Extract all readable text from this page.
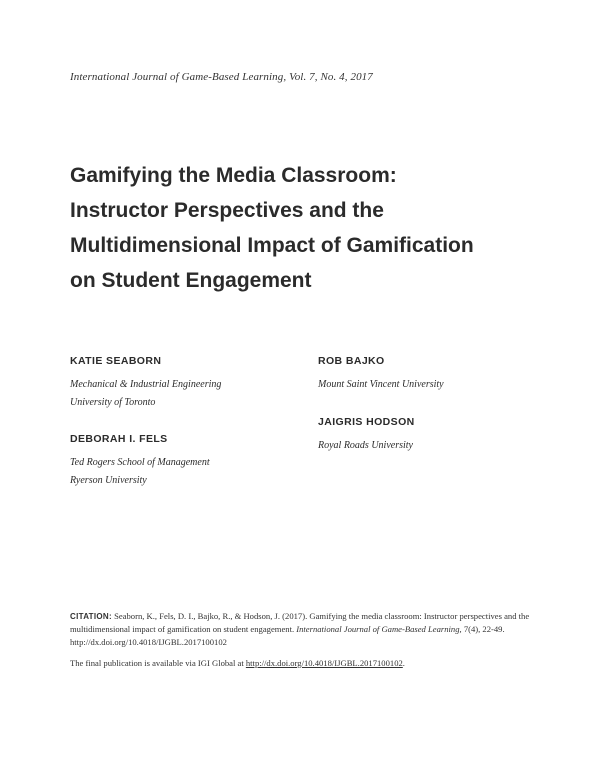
International Journal of Game-Based Learning, Vol. 7, No. 4, 2017
Gamifying the Media Classroom:
Instructor Perspectives and the
Multidimensional Impact of Gamification
on Student Engagement
KATIE SEABORN
Mechanical & Industrial Engineering
University of Toronto
DEBORAH I. FELS
Ted Rogers School of Management
Ryerson University
ROB BAJKO
Mount Saint Vincent University
JAIGRIS HODSON
Royal Roads University
CITATION: Seaborn, K., Fels, D. I., Bajko, R., & Hodson, J. (2017). Gamifying the media classroom: Instructor perspectives and the multidimensional impact of gamification on student engagement. International Journal of Game-Based Learning, 7(4), 22-49. http://dx.doi.org/10.4018/IJGBL.2017100102
The final publication is available via IGI Global at http://dx.doi.org/10.4018/IJGBL.2017100102.
